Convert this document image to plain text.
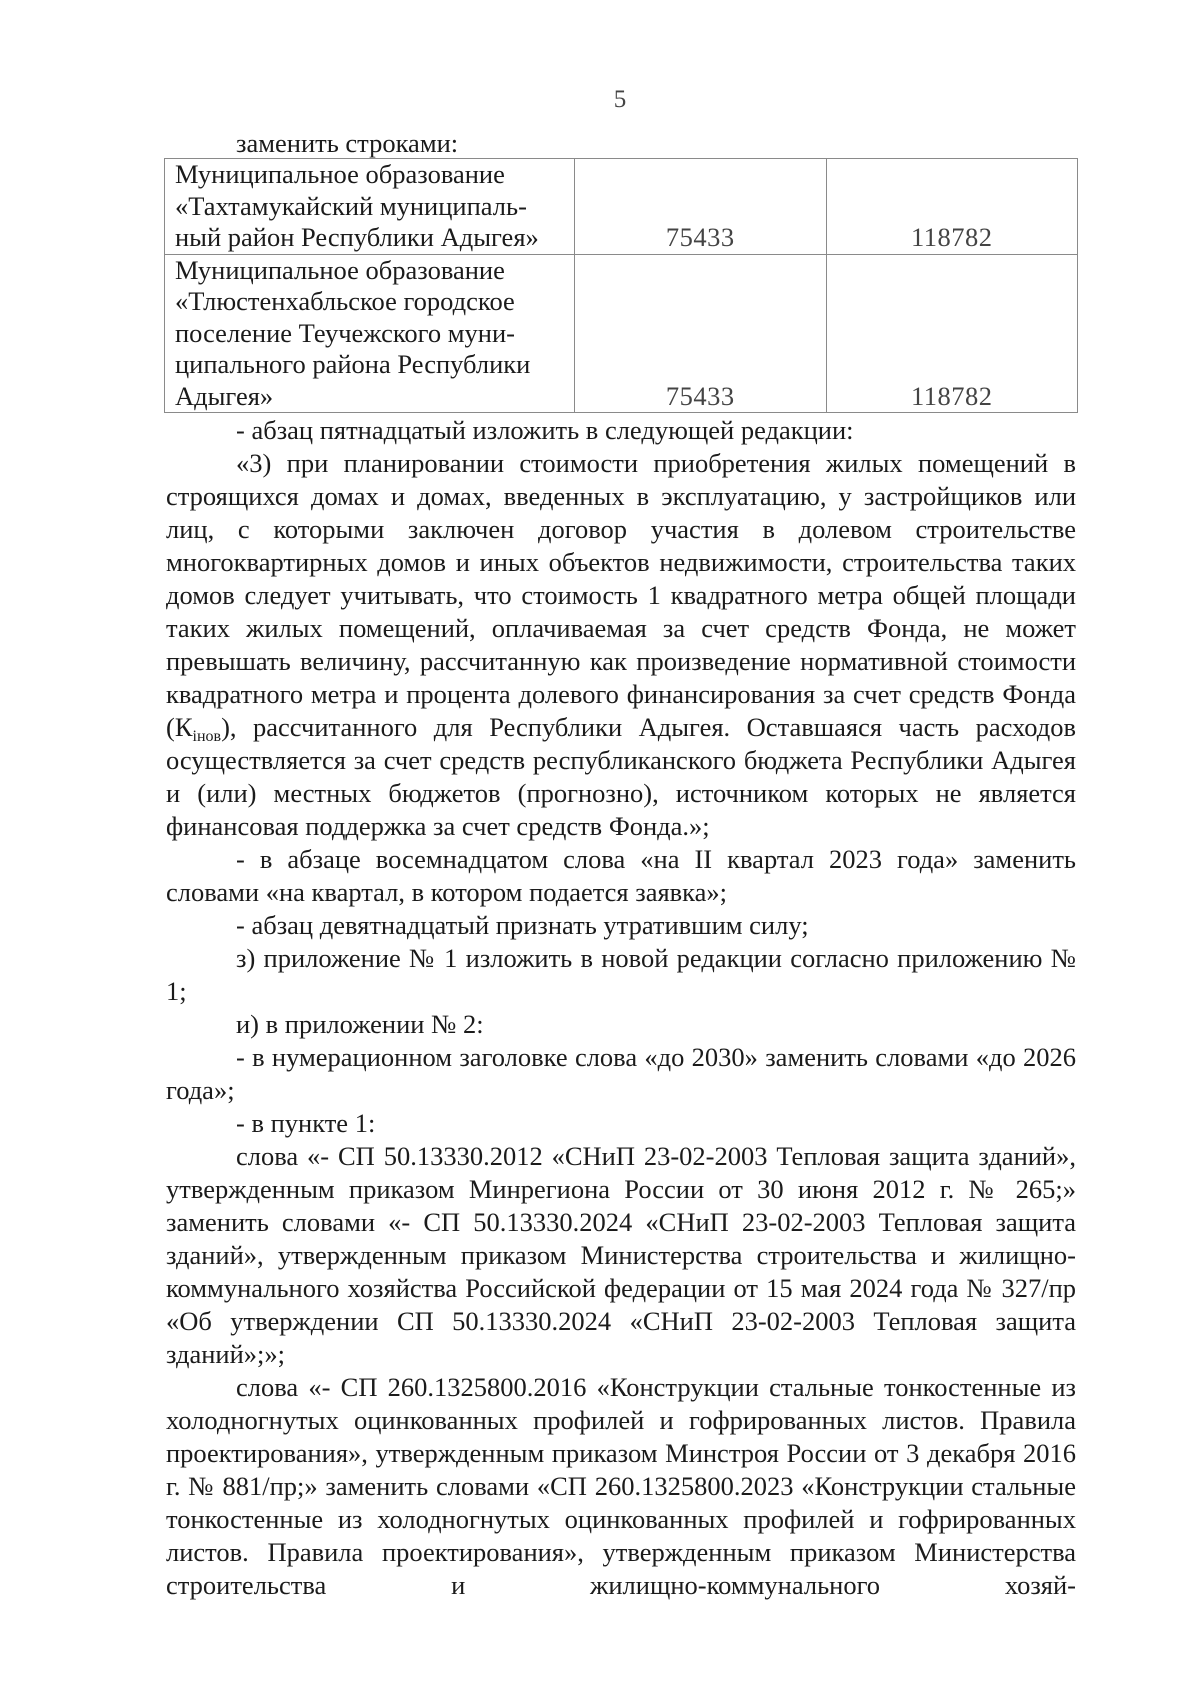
5
заменить строками:
Муниципальное образование
«Тахтамукайский муниципаль-
ный район Республики Адыгея»	75433	118782

Муниципальное образование
«Тлюстенхабльское городское
поселение Теучежского муни-
ципального района Республики
Адыгея»	75433	118782

- абзац пятнадцатый изложить в следующей редакции:

«3) при планировании стоимости приобретения жилых помещений в строящихся домах и домах, введенных в эксплуатацию, у застройщиков или лиц, с которыми заключен договор участия в долевом строительстве многоквартирных домов и иных объектов недвижимости, строительства таких домов следует учитывать, что стоимость 1 квадратного метра общей площади таких жилых помещений, оплачиваемая за счет средств Фонда, не может превышать величину, рассчитанную как произведение нормативной стоимости квадратного метра и процента долевого финансирования за счет средств Фонда $(К_{iнов})$, рассчитанного для Республики Адыгея. Оставшаяся часть расходов осуществляется за счет средств республиканского бюджета Республики Адыгея и (или) местных бюджетов (прогнозно), источником которых не является финансовая поддержка за счет средств Фонда.»;

- в абзаце восемнадцатом слова «на II квартал 2023 года» заменить словами «на квартал, в котором подается заявка»;

- абзац девятнадцатый признать утратившим силу;

з) приложение № 1 изложить в новой редакции согласно приложению № 1;

и) в приложении № 2:

- в нумерационном заголовке слова «до 2030» заменить словами «до 2026 года»;

- в пункте 1:

слова «- СП 50.13330.2012 «СНиП 23-02-2003 Тепловая защита зданий», утвержденным приказом Минрегиона России от 30 июня 2012 г. № 265;» заменить словами «- СП 50.13330.2024 «СНиП 23-02-2003 Тепловая защита зданий», утвержденным приказом Министерства строительства и жилищно-коммунального хозяйства Российской федерации от 15 мая 2024 года № 327/пр «Об утверждении СП 50.13330.2024 «СНиП 23-02-2003 Тепловая защита зданий»;»;

слова «- СП 260.1325800.2016 «Конструкции стальные тонкостенные из холодногнутых оцинкованных профилей и гофрированных листов. Правила проектирования», утвержденным приказом Минстроя России от 3 декабря 2016 г. № 881/пр;» заменить словами «СП 260.1325800.2023 «Конструкции стальные тонкостенные из холодногнутых оцинкованных профилей и гофрированных листов. Правила проектирования», утвержденным приказом Министерства строительства и жилищно-коммунального хозяй-
